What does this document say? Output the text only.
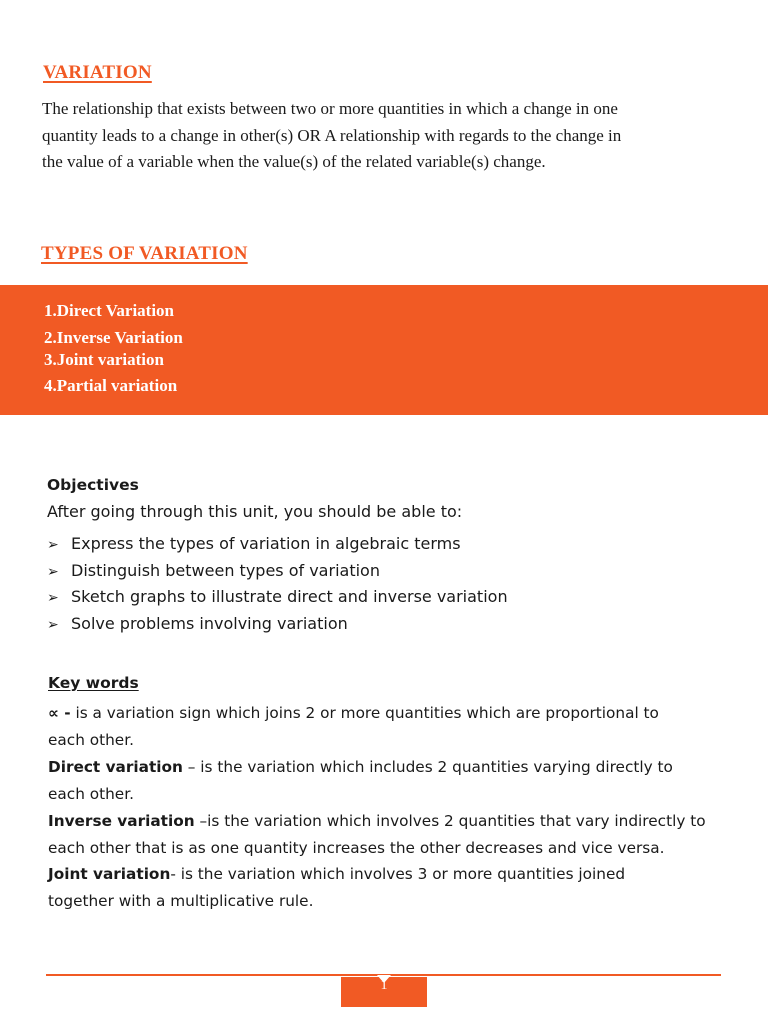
VARIATION
The relationship that exists between two or more quantities in which a change in one
quantity leads to a change in other(s) OR A relationship with regards to the change in
the value of a variable when the value(s) of the related variable(s) change.
TYPES OF VARIATION
1.Direct Variation
2.Inverse Variation
3.Joint variation
4.Partial variation
Objectives
After going through this unit, you should be able to:
➢ Express the types of variation in algebraic terms
➢ Distinguish between types of variation
➢ Sketch graphs to illustrate direct and inverse variation
➢ Solve problems involving variation
Key words
∝ - is a variation sign which joins 2 or more quantities which are proportional to
each other.
Direct variation – is the variation which includes 2 quantities varying directly to
each other.
Inverse variation –is the variation which involves 2 quantities that vary indirectly to
each other that is as one quantity increases the other decreases and vice versa.
Joint variation- is the variation which involves 3 or more quantities joined
together with a multiplicative rule.
1
